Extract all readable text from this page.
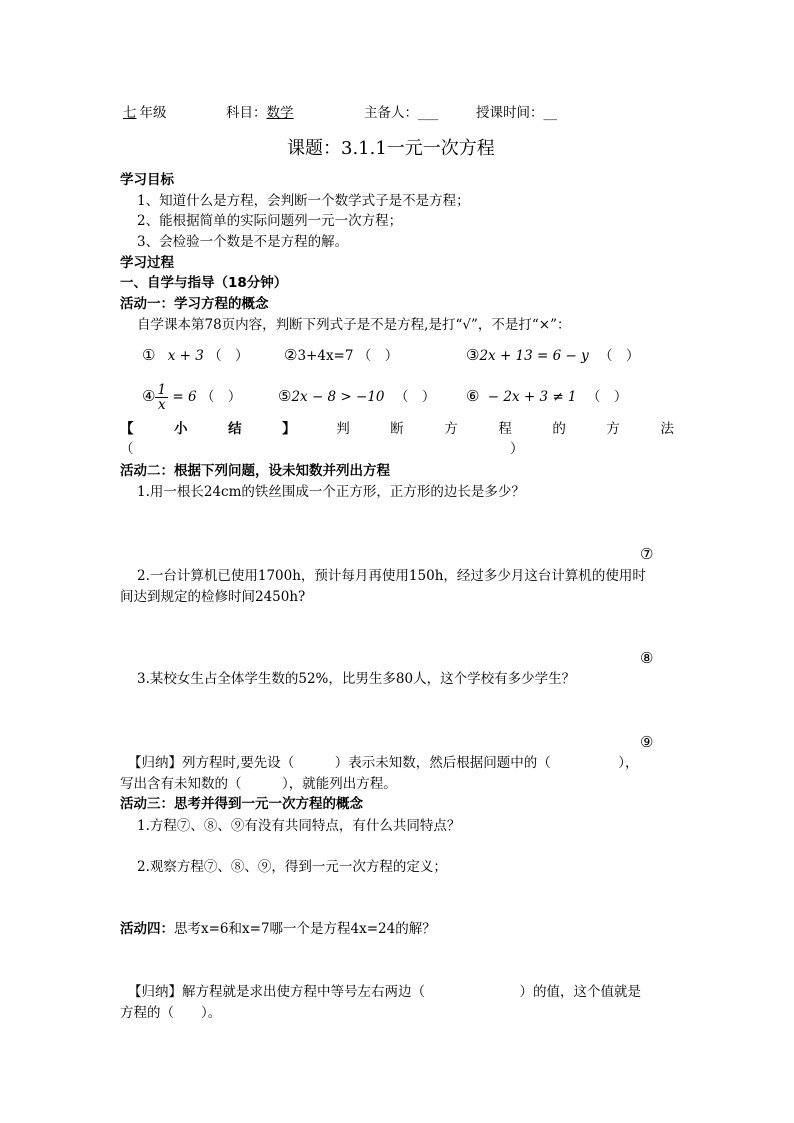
七 年级	科目：数学	主备人：___	授课时间：__
课题：3.1.1一元一次方程
学习目标
1、知道什么是方程，会判断一个数学式子是不是方程；
2、能根据简单的实际问题列一元一次方程；
3、会检验一个数是不是方程的解。
学习过程
一、自学与指导（18分钟）
活动一：学习方程的概念
自学课本第78页内容，判断下列式子是不是方程,是打“√”，不是打“×”：
① x + 3 （　） ②3+4x=7 （　）	③2x + 13 = 6 − y （　）
④ $\frac{1}{x} = 6$ （　） ⑤2x − 8 > −10 （　） ⑥ − 2x + 3 ≠ 1 （　）
【	小	结	】	判	断	方	程	的	方	法
（	）
活动二：根据下列问题，设未知数并列出方程
1.用一根长24cm的铁丝围成一个正方形，正方形的边长是多少？
⑦
2.一台计算机已使用1700h，预计每月再使用150h，经过多少月这台计算机的使用时
间达到规定的检修时间2450h?
⑧
3.某校女生占全体学生数的52%，比男生多80人，这个学校有多少学生？
⑨
【归纳】列方程时,要先设（　　　）表示未知数，然后根据问题中的（　　　　　），
写出含有未知数的（　　　），就能列出方程。
活动三：思考并得到一元一次方程的概念
1.方程⑦、⑧、⑨有没有共同特点，有什么共同特点？
2.观察方程⑦、⑧、⑨，得到一元一次方程的定义；
活动四：思考x=6和x=7哪一个是方程4x=24的解？
【归纳】解方程就是求出使方程中等号左右两边（　　　　　　　）的值，这个值就是
方程的（　　）。
